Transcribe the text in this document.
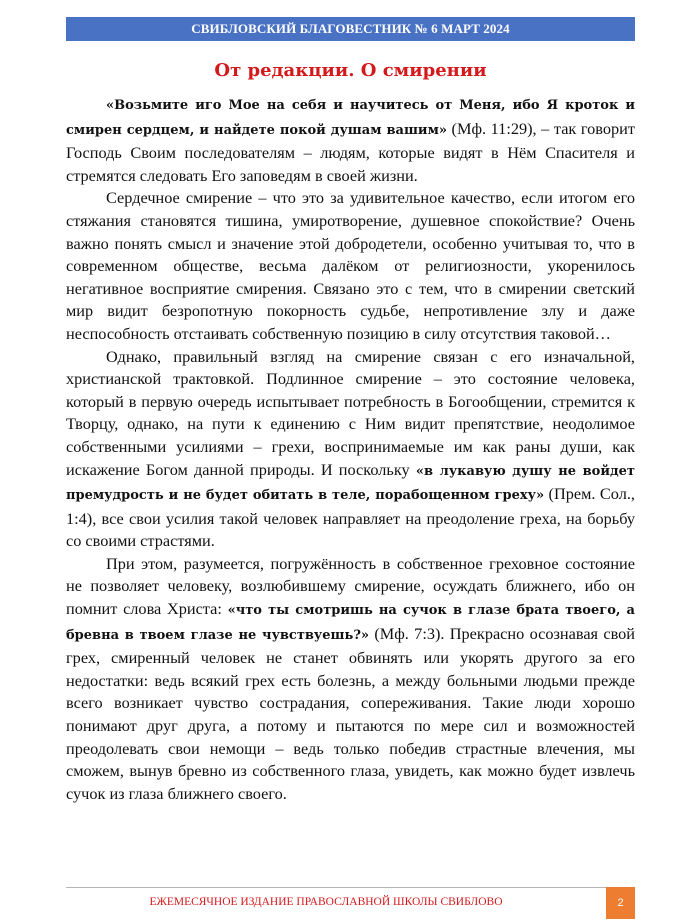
СВИБЛОВСКИЙ БЛАГОВЕСТНИК № 6 МАРТ 2024
От редакции. О смирении

«Возьмите иго Мое на себя и научитесь от Меня, ибо Я кроток и смирен сердцем, и найдете покой душам вашим» (Мф. 11:29), – так говорит Господь Своим последователям – людям, которые видят в Нём Спасителя и стремятся следовать Его заповедям в своей жизни.

Сердечное смирение – что это за удивительное качество, если итогом его стяжания становятся тишина, умиротворение, душевное спокойствие? Очень важно понять смысл и значение этой добродетели, особенно учитывая то, что в современном обществе, весьма далёком от религиозности, укоренилось негативное восприятие смирения. Связано это с тем, что в смирении светский мир видит безропотную покорность судьбе, непротивление злу и даже неспособность отстаивать собственную позицию в силу отсутствия таковой…

Однако, правильный взгляд на смирение связан с его изначальной, христианской трактовкой. Подлинное смирение – это состояние человека, который в первую очередь испытывает потребность в Богообщении, стремится к Творцу, однако, на пути к единению с Ним видит препятствие, неодолимое собственными усилиями – грехи, воспринимаемые им как раны души, как искажение Богом данной природы. И поскольку «в лукавую душу не войдет премудрость и не будет обитать в теле, порабощенном греху» (Прем. Сол., 1:4), все свои усилия такой человек направляет на преодоление греха, на борьбу со своими страстями.

При этом, разумеется, погружённость в собственное греховное состояние не позволяет человеку, возлюбившему смирение, осуждать ближнего, ибо он помнит слова Христа: «что ты смотришь на сучок в глазе брата твоего, а бревна в твоем глазе не чувствуешь?» (Мф. 7:3). Прекрасно осознавая свой грех, смиренный человек не станет обвинять или укорять другого за его недостатки: ведь всякий грех есть болезнь, а между больными людьми прежде всего возникает чувство сострадания, сопереживания. Такие люди хорошо понимают друг друга, а потому и пытаются по мере сил и возможностей преодолевать свои немощи – ведь только победив страстные влечения, мы сможем, вынув бревно из собственного глаза, увидеть, как можно будет извлечь сучок из глаза ближнего своего.

ЕЖЕМЕСЯЧНОЕ ИЗДАНИЕ ПРАВОСЛАВНОЙ ШКОЛЫ СВИБЛОВО	2
